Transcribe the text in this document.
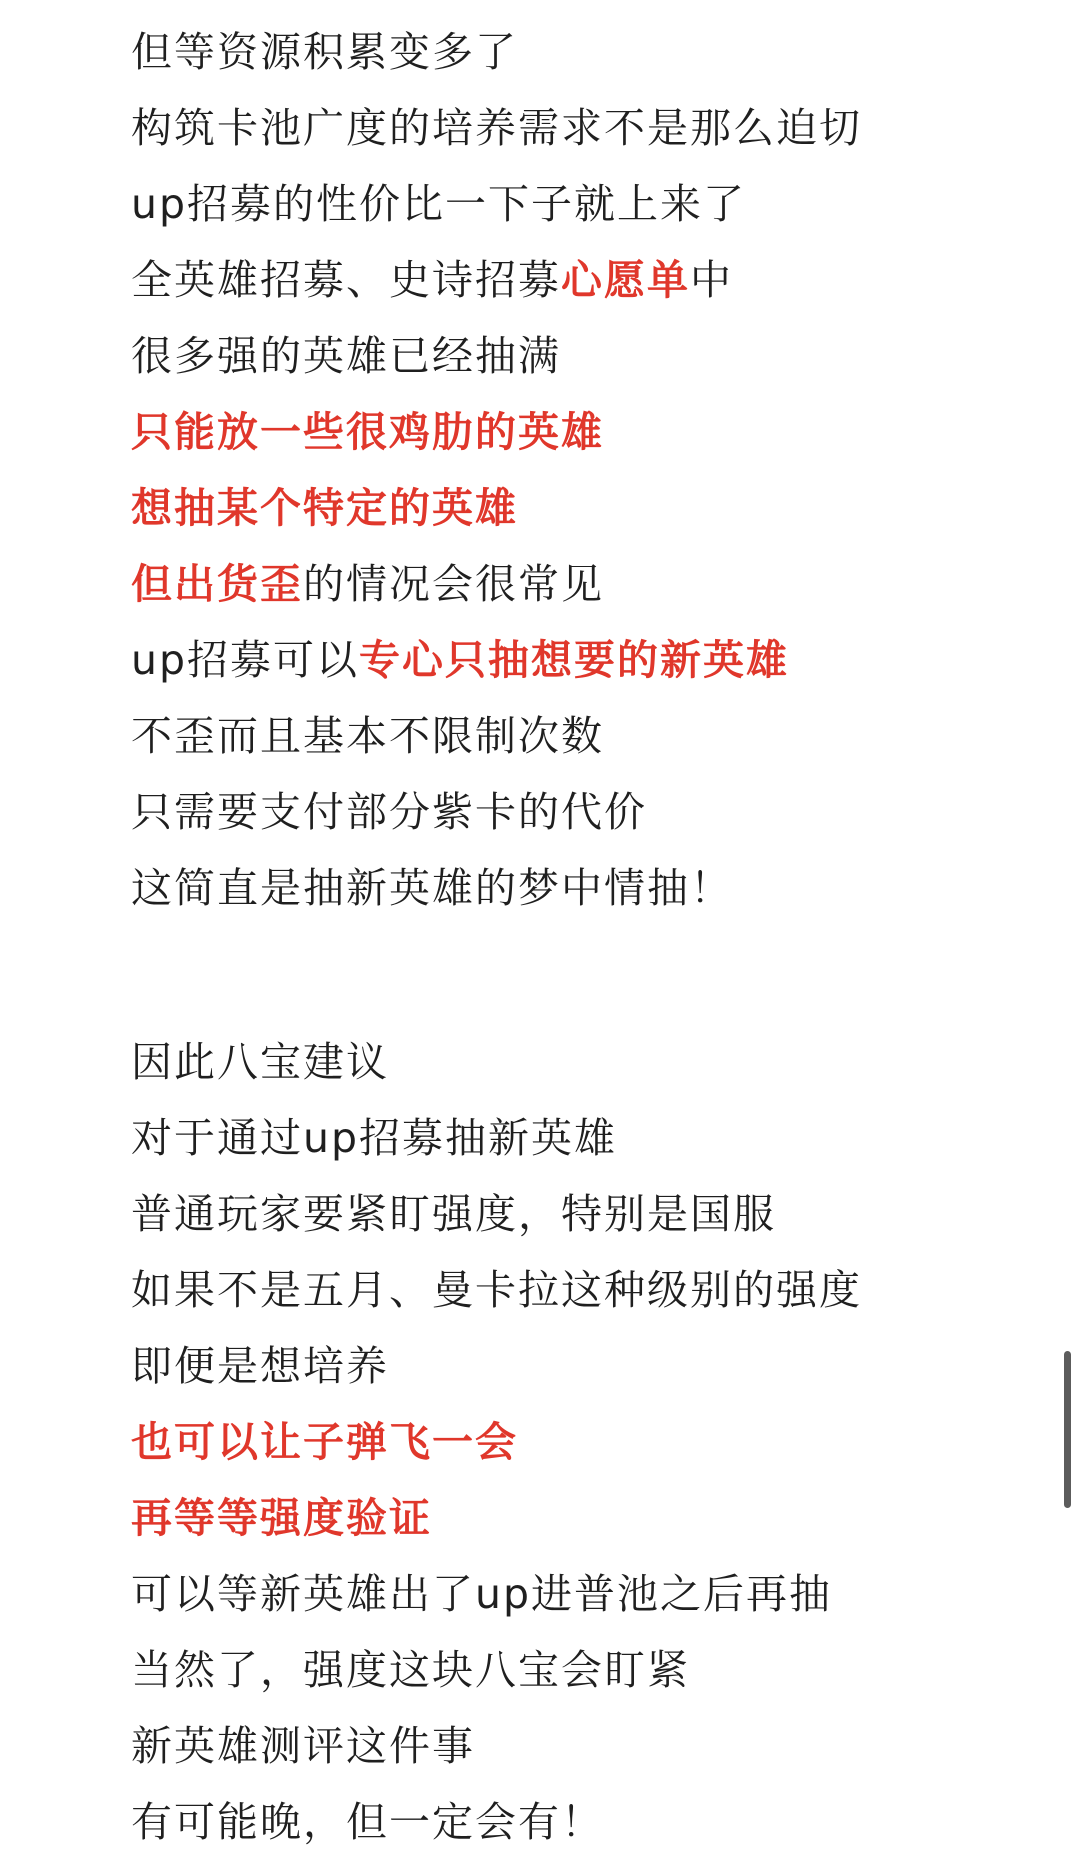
但等资源积累变多了
构筑卡池广度的培养需求不是那么迫切
up招募的性价比一下子就上来了
全英雄招募、史诗招募心愿单中
很多强的英雄已经抽满
只能放一些很鸡肋的英雄
想抽某个特定的英雄
但出货歪的情况会很常见
up招募可以专心只抽想要的新英雄
不歪而且基本不限制次数
只需要支付部分紫卡的代价
这简直是抽新英雄的梦中情抽！
因此八宝建议
对于通过up招募抽新英雄
普通玩家要紧盯强度，特别是国服
如果不是五月、曼卡拉这种级别的强度
即便是想培养
也可以让子弹飞一会
再等等强度验证
可以等新英雄出了up进普池之后再抽
当然了，强度这块八宝会盯紧
新英雄测评这件事
有可能晚，但一定会有！
